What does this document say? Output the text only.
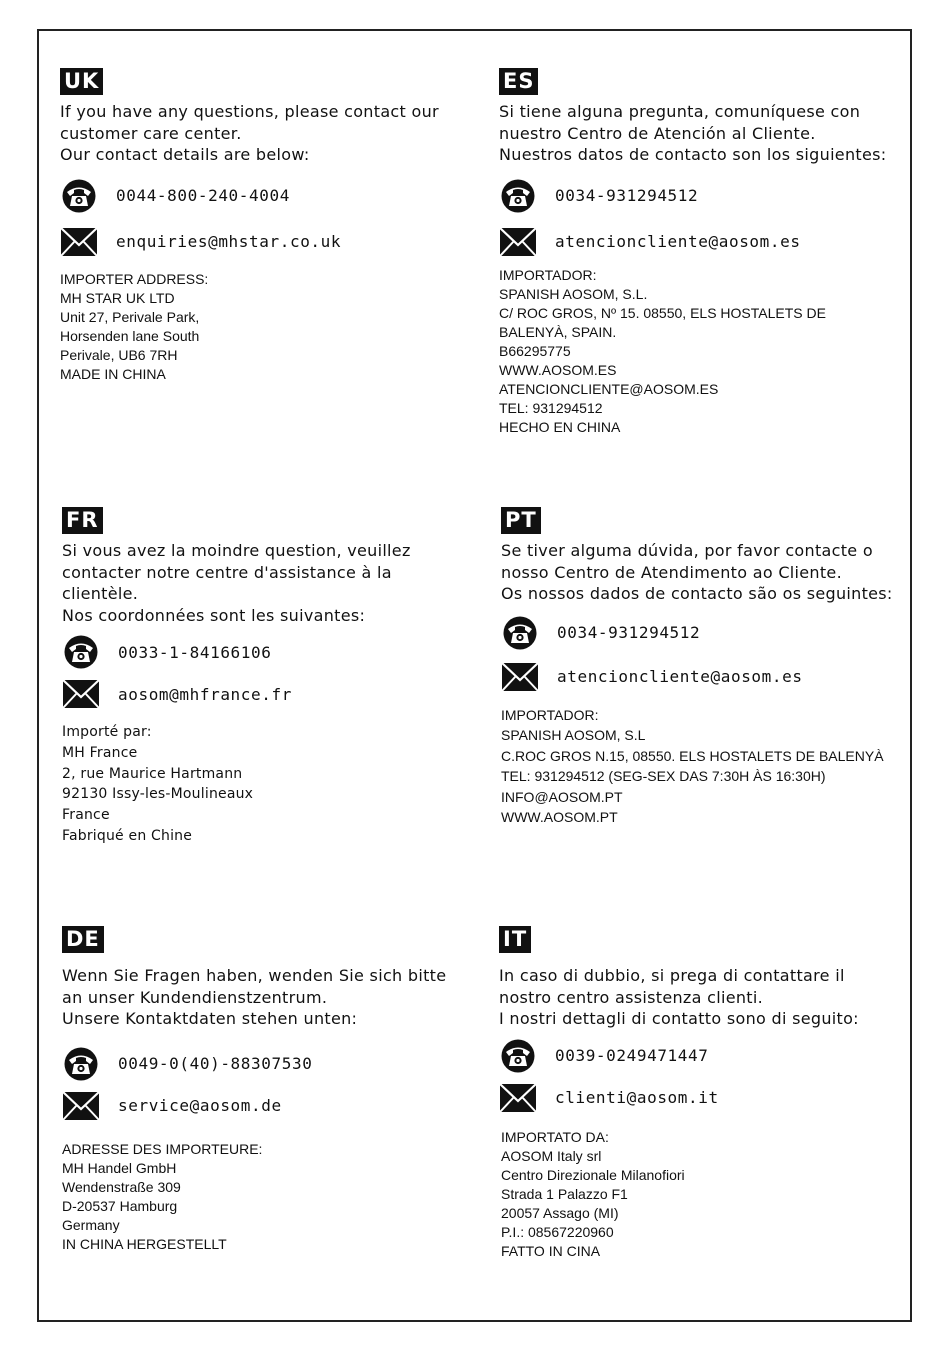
UK
If you have any questions, please contact our
customer care center.
Our contact details are below:
0044-800-240-4004
enquiries@mhstar.co.uk
IMPORTER ADDRESS:
MH STAR UK LTD
Unit 27, Perivale Park,
Horsenden lane South
Perivale, UB6 7RH
MADE IN CHINA
ES
Si tiene alguna pregunta, comuníquese con
nuestro Centro de Atención al Cliente.
Nuestros datos de contacto son los siguientes:
0034-931294512
atencioncliente@aosom.es
IMPORTADOR:
SPANISH AOSOM, S.L.
C/ ROC GROS, Nº 15. 08550, ELS HOSTALETS DE
BALENYÀ, SPAIN.
B66295775
WWW.AOSOM.ES
ATENCIONCLIENTE@AOSOM.ES
TEL: 931294512
HECHO EN CHINA
FR
Si vous avez la moindre question, veuillez
contacter notre centre d'assistance à la
clientèle.
Nos coordonnées sont les suivantes:
0033-1-84166106
aosom@mhfrance.fr
Importé par:
MH France
2, rue Maurice Hartmann
92130 Issy-les-Moulineaux
France
Fabriqué en Chine
PT
Se tiver alguma dúvida, por favor contacte o
nosso Centro de Atendimento ao Cliente.
Os nossos dados de contacto são os seguintes:
0034-931294512
atencioncliente@aosom.es
IMPORTADOR:
SPANISH AOSOM, S.L
C.ROC GROS N.15, 08550. ELS HOSTALETS DE BALENYÀ
TEL: 931294512 (SEG-SEX DAS 7:30H ÀS 16:30H)
INFO@AOSOM.PT
WWW.AOSOM.PT
DE
Wenn Sie Fragen haben, wenden Sie sich bitte
an unser Kundendienstzentrum.
Unsere Kontaktdaten stehen unten:
0049-0(40)-88307530
service@aosom.de
ADRESSE DES IMPORTEURE:
MH Handel GmbH
Wendenstraße 309
D-20537 Hamburg
Germany
IN CHINA HERGESTELLT
IT
In caso di dubbio, si prega di contattare il
nostro centro assistenza clienti.
I nostri dettagli di contatto sono di seguito:
0039-0249471447
clienti@aosom.it
IMPORTATO DA:
AOSOM Italy srl
Centro Direzionale Milanofiori
Strada 1 Palazzo F1
20057 Assago (MI)
P.I.: 08567220960
FATTO IN CINA
